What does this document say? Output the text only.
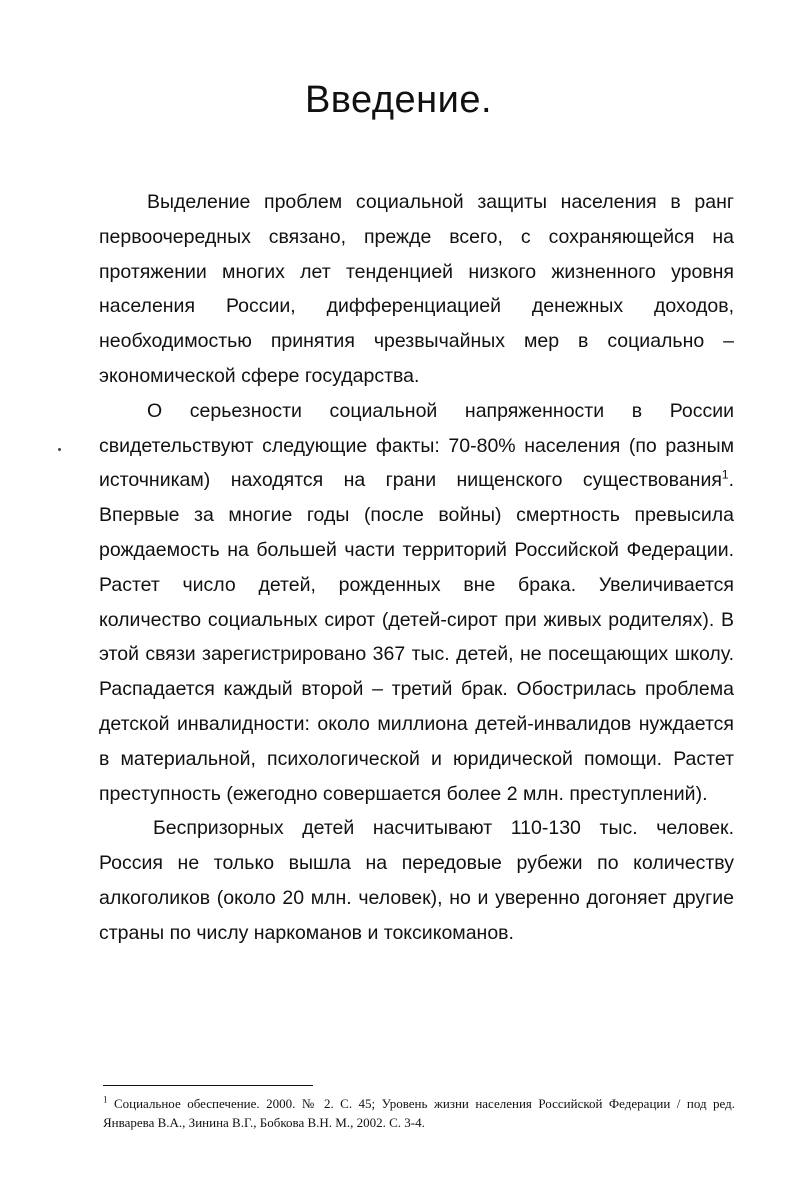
Введение.

Выделение проблем социальной защиты населения в ранг первоочередных связано, прежде всего, с сохраняющейся на протяжении многих лет тенденцией низкого жизненного уровня населения России, дифференциацией денежных доходов, необходимостью принятия чрезвычайных мер в социально – экономической сфере государства.

О серьезности социальной напряженности в России свидетельствуют следующие факты: 70-80% населения (по разным источникам) находятся на грани нищенского существования$^1$. Впервые за многие годы (после войны) смертность превысила рождаемость на большей части территорий Российской Федерации. Растет число детей, рожденных вне брака. Увеличивается количество социальных сирот (детей-сирот при живых родителях). В этой связи зарегистрировано 367 тыс. детей, не посещающих школу. Распадается каждый второй – третий брак. Обострилась проблема детской инвалидности: около миллиона детей-инвалидов нуждается в материальной, психологической и юридической помощи. Растет преступность (ежегодно совершается более 2 млн. преступлений).

Беспризорных детей насчитывают 110-130 тыс. человек. Россия не только вышла на передовые рубежи по количеству алкоголиков (около 20 млн. человек), но и уверенно догоняет другие страны по числу наркоманов и токсикоманов.

$^1$ Социальное обеспечение. 2000. № 2. С. 45; Уровень жизни населения Российской Федерации / под ред. Январева В.А., Зинина В.Г., Бобкова В.Н. М., 2002. С. 3-4.
